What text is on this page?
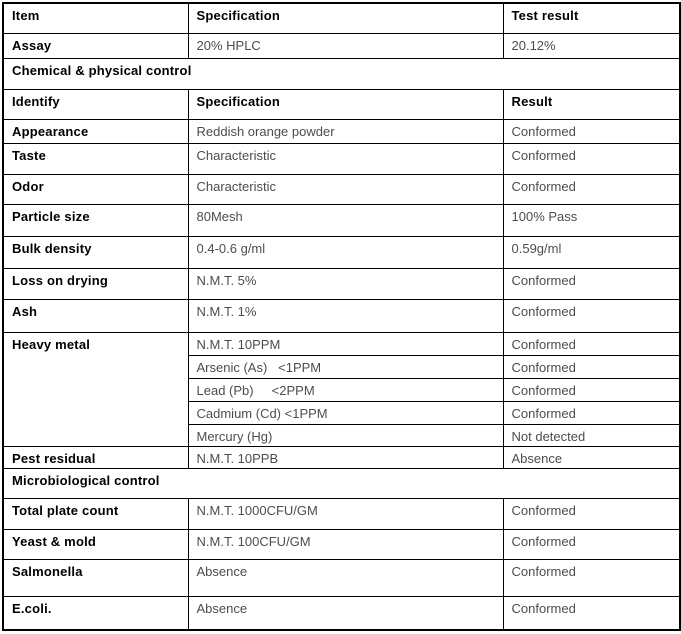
Item	Specification	Test result
Assay	20% HPLC	20.12%
Chemical & physical control		
Identify	Specification	Result
Appearance	Reddish orange powder	Conformed
Taste	Characteristic	Conformed
Odor	Characteristic	Conformed
Particle size	80Mesh	100% Pass
Bulk density	0.4-0.6 g/ml	0.59g/ml
Loss on drying	N.M.T. 5%	Conformed
Ash	N.M.T. 1%	Conformed
Heavy metal	N.M.T. 10PPM	Conformed
	Arsenic (As)   <1PPM	Conformed
	Lead (Pb)     <2PPM	Conformed
	Cadmium (Cd) <1PPM	Conformed
	Mercury (Hg)	Not detected
Pest residual	N.M.T. 10PPB	Absence
Microbiological control		
Total plate count	N.M.T. 1000CFU/GM	Conformed
Yeast & mold	N.M.T. 100CFU/GM	Conformed
Salmonella	Absence	Conformed
E.coli.	Absence	Conformed
